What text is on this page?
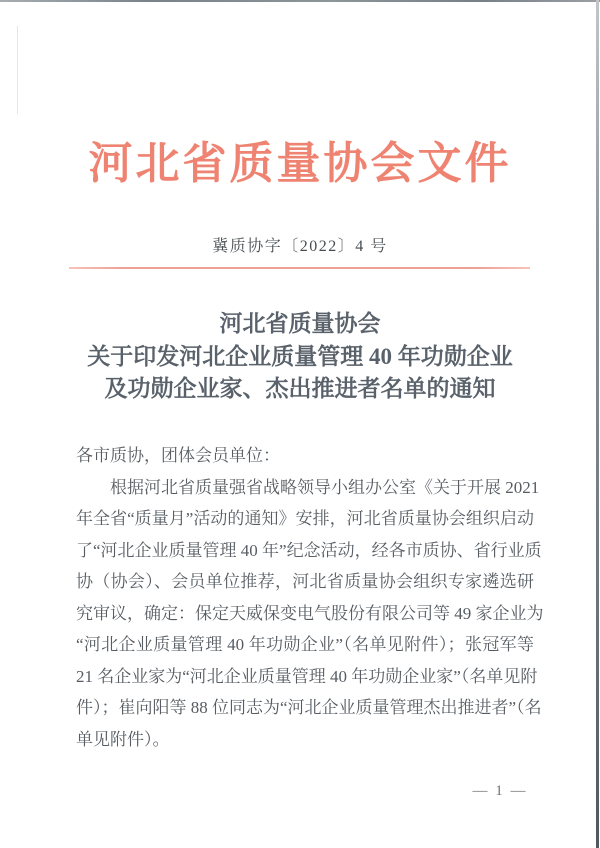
河北省质量协会文件
冀质协字〔2022〕4 号
河北省质量协会
关于印发河北企业质量管理 40 年功勋企业
及功勋企业家、杰出推进者名单的通知
各市质协，团体会员单位：
根据河北省质量强省战略领导小组办公室《关于开展 2021
年全省“质量月”活动的通知》安排，河北省质量协会组织启动
了“河北企业质量管理 40 年”纪念活动，经各市质协、省行业质
协（协会）、会员单位推荐，河北省质量协会组织专家遴选研
究审议，确定：保定天威保变电气股份有限公司等 49 家企业为
“河北企业质量管理 40 年功勋企业”（名单见附件）；张冠军等
21 名企业家为“河北企业质量管理 40 年功勋企业家”（名单见附
件）；崔向阳等 88 位同志为“河北企业质量管理杰出推进者”（名
单见附件）。
— 1 —
